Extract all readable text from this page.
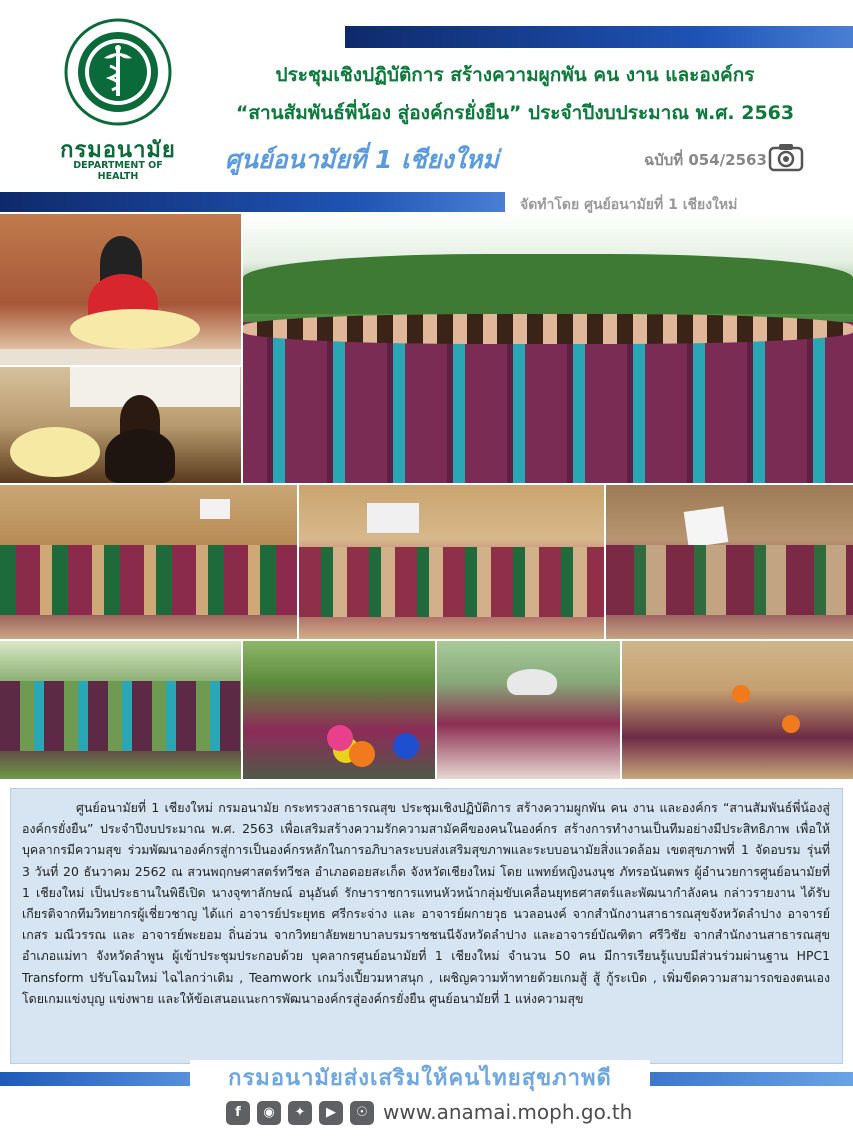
กรมอนามัย
DEPARTMENT OF HEALTH
ประชุมเชิงปฏิบัติการ สร้างความผูกพัน คน งาน และองค์กร
“สานสัมพันธ์พี่น้อง สู่องค์กรยั่งยืน” ประจำปีงบประมาณ พ.ศ. 2563
ศูนย์อนามัยที่ 1 เชียงใหม่	ฉบับที่ 054/2563
จัดทำโดย ศูนย์อนามัยที่ 1 เชียงใหม่
ศูนย์อนามัยที่ 1 เชียงใหม่ กรมอนามัย กระทรวงสาธารณสุข ประชุมเชิงปฏิบัติการ สร้างความผูกพัน คน งาน และองค์กร “สานสัมพันธ์พี่น้องสู่องค์กรยั่งยืน” ประจำปีงบประมาณ พ.ศ. 2563 เพื่อเสริมสร้างความรักความสามัคคีของคนในองค์กร สร้างการทำงานเป็นทีมอย่างมีประสิทธิภาพ เพื่อให้บุคลากรมีความสุข ร่วมพัฒนาองค์กรสู่การเป็นองค์กรหลักในการอภิบาลระบบส่งเสริมสุขภาพและระบบอนามัยสิ่งแวดล้อม เขตสุขภาพที่ 1 จัดอบรม รุ่นที่ 3 วันที่ 20 ธันวาคม 2562 ณ สวนพฤกษศาสตร์ทวีชล อำเภอดอยสะเก็ด จังหวัดเชียงใหม่ โดย แพทย์หญิงนงนุช ภัทรอนันตพร ผู้อำนวยการศูนย์อนามัยที่ 1 เชียงใหม่ เป็นประธานในพิธีเปิด นางจุฑาลักษณ์ อนุอันต์ รักษาราชการแทนหัวหน้ากลุ่มขับเคลื่อนยุทธศาสตร์และพัฒนากำลังคน กล่าวรายงาน ได้รับเกียรติจากทีมวิทยากรผู้เชี่ยวชาญ ได้แก่ อาจารย์ประยุทธ ศรีกระจ่าง และ อาจารย์ผกายวุธ นวลอนงค์ จากสำนักงานสาธารณสุขจังหวัดลำปาง อาจารย์เกสร มณีวรรณ และ อาจารย์พะยอม ถิ่นอ่วน จากวิทยาลัยพยาบาลบรมราชชนนีจังหวัดลำปาง และอาจารย์บัณฑิตา ศรีวิชัย จากสำนักงานสาธารณสุขอำเภอแม่ทา จังหวัดลำพูน ผู้เข้าประชุมประกอบด้วย บุคลากรศูนย์อนามัยที่ 1 เชียงใหม่ จำนวน 50 คน มีการเรียนรู้แบบมีส่วนร่วมผ่านฐาน HPC1 Transform ปรับโฉมใหม่ ไฉไลกว่าเดิม , Teamwork เกมวิ่งเปี้ยวมหาสนุก , เผชิญความท้าทายด้วยเกมสู้ สู้ กู้ระเบิด , เพิ่มขีดความสามารถของตนเอง โดยเกมแข่งบุญ แข่งพาย และให้ข้อเสนอแนะการพัฒนาองค์กรสู่องค์กรยั่งยืน ศูนย์อนามัยที่ 1 แห่งความสุข
กรมอนามัยส่งเสริมให้คนไทยสุขภาพดี
f	◉	✦	▶	☉ www.anamai.moph.go.th
